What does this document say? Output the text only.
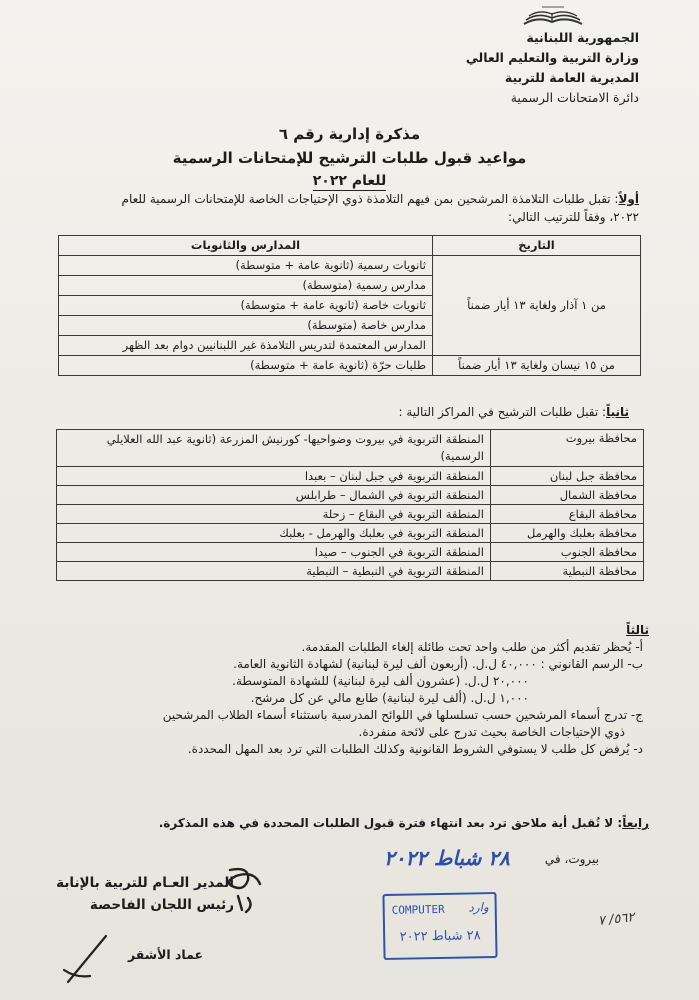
الجمهورية اللبنانية
وزارة التربية والتعليم العالي
المديرية العامة للتربية
دائرة الامتحانات الرسمية
مذكرة إدارية رقم ٦
مواعيد قبول طلبات الترشيح للإمتحانات الرسمية
للعام ٢٠٢٢
أولاً: تقبل طلبات التلامذة المرشحين بمن فيهم التلامذة ذوي الإحتياجات الخاصة للإمتحانات الرسمية للعام
٢٠٢٢، وفقاً للترتيب التالي:
التاريخ	المدارس والثانويات
من ١ آذار ولغاية ١٣ أيار ضمناً	ثانويات رسمية (ثانوية عامة + متوسطة)
	مدارس رسمية (متوسطة)
	ثانويات خاصة (ثانوية عامة + متوسطة)
	مدارس خاصة (متوسطة)
	المدارس المعتمدة لتدريس التلامذة غير اللبنانيين دوام بعد الظهر
من ١٥ نيسان ولغاية ١٣ أيار ضمناً	طلبات حرّة (ثانوية عامة + متوسطة)
ثانياً: تقبل طلبات الترشيح في المراكز التالية :
محافظة بيروت	المنطقة التربوية في بيروت وضواحيها- كورنيش المزرعة (ثانوية عبد الله العلايلي الرسمية)
محافظة جبل لبنان	المنطقة التربوية في جبل لبنان – بعبدا
محافظة الشمال	المنطقة التربوية في الشمال – طرابلس
محافظة البقاع	المنطقة التربوية في البقاع – زحلة
محافظة بعلبك والهرمل	المنطقة التربوية في بعلبك والهرمل - بعلبك
محافظة الجنوب	المنطقة التربوية في الجنوب – صيدا
محافظة النبطية	المنطقة التربوية في النبطية – النبطية
ثالثاً
أ- يُحظر تقديم أكثر من طلب واحد تحت طائلة إلغاء الطلبات المقدمة.
ب- الرسم القانوني : ٤٠,٠٠٠ ل.ل. (أربعون ألف ليرة لبنانية) لشهادة الثانوية العامة.
٢٠,٠٠٠ ل.ل. (عشرون ألف ليرة لبنانية) للشهادة المتوسطة.
١,٠٠٠ ل.ل. (ألف ليرة لبنانية) طابع مالي عن كل مرشح.
ج- تدرج أسماء المرشحين حسب تسلسلها في اللوائح المدرسية باستثناء أسماء الطلاب المرشحين
ذوي الإحتياجات الخاصة بحيث تدرج على لائحة منفردة.
د- يُرفض كل طلب لا يستوفي الشروط القانونية وكذلك الطلبات التي ترد بعد المهل المحددة.
رابعاً: لا تُقبل أية ملاحق ترد بعد انتهاء فترة قبول الطلبات المحددة في هذه المذكرة.
بيروت، في
٢٨ شباط ٢٠٢٢
المدير العـام للتربية بالإنابة
رئيس اللجان الفاحصة
عماد الأشقر
COMPUTER وارد
٢٨ شباط ٢٠٢٢
٥٦٢/ ٧
